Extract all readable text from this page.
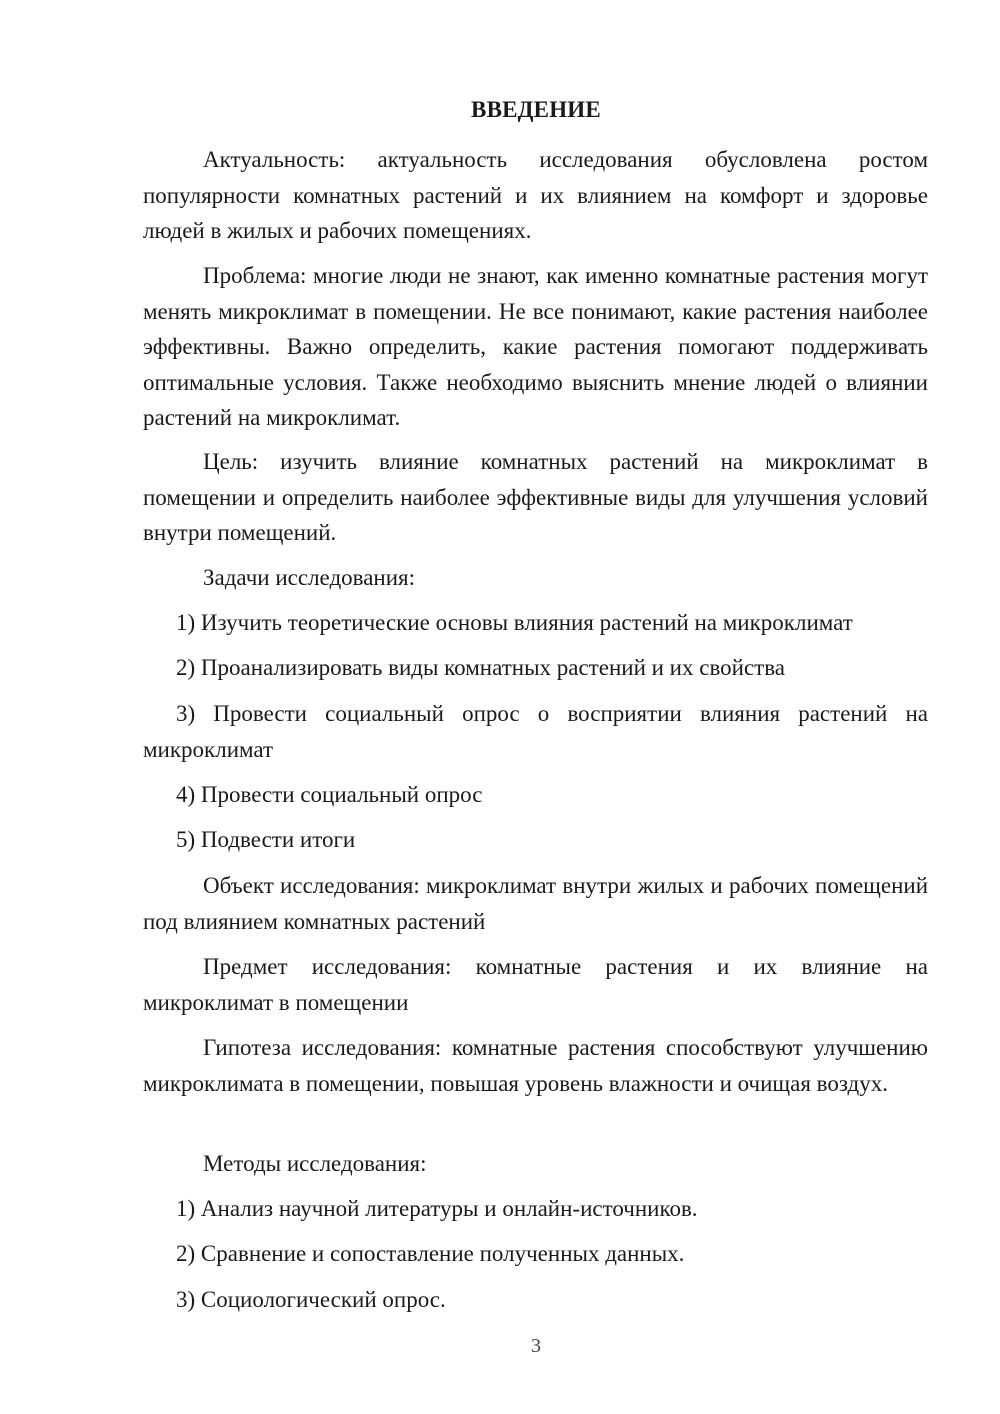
ВВЕДЕНИЕ
Актуальность: актуальность исследования обусловлена ростом популярности комнатных растений и их влиянием на комфорт и здоровье людей в жилых и рабочих помещениях.
Проблема: многие люди не знают, как именно комнатные растения могут менять микроклимат в помещении. Не все понимают, какие растения наиболее эффективны. Важно определить, какие растения помогают поддерживать оптимальные условия. Также необходимо выяснить мнение людей о влиянии растений на микроклимат.
Цель: изучить влияние комнатных растений на микроклимат в помещении и определить наиболее эффективные виды для улучшения условий внутри помещений.
Задачи исследования:
1) Изучить теоретические основы влияния растений на микроклимат
2) Проанализировать виды комнатных растений и их свойства
3) Провести социальный опрос о восприятии влияния растений на микроклимат
4) Провести социальный опрос
5) Подвести итоги
Объект исследования: микроклимат внутри жилых и рабочих помещений под влиянием комнатных растений
Предмет исследования: комнатные растения и их влияние на микроклимат в помещении
Гипотеза исследования: комнатные растения способствуют улучшению микроклимата в помещении, повышая уровень влажности и очищая воздух.
Методы исследования:
1) Анализ научной литературы и онлайн-источников.
2) Сравнение и сопоставление полученных данных.
3) Социологический опрос.
3
